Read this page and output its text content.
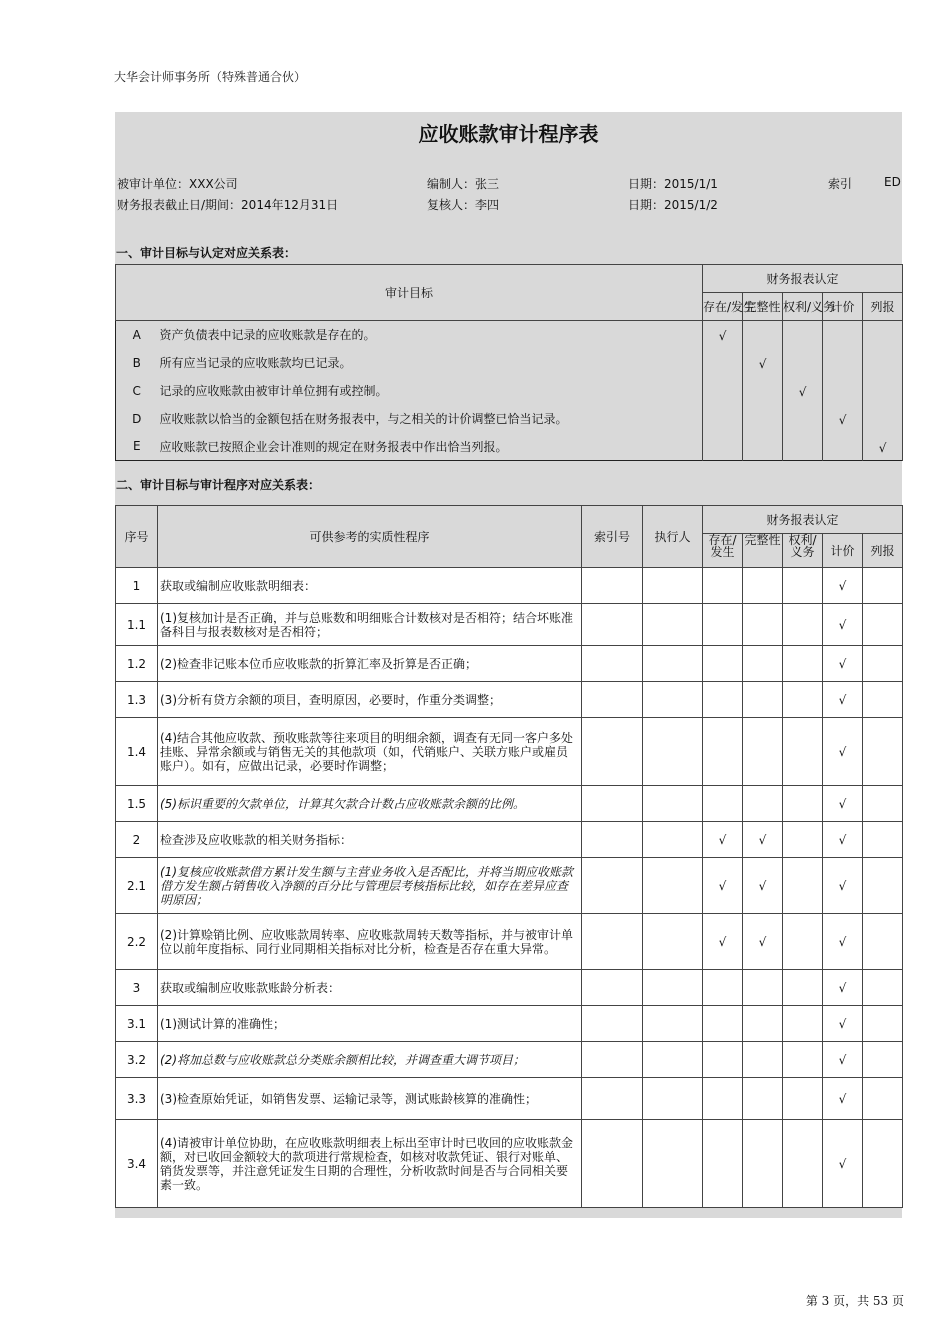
大华会计师事务所（特殊普通合伙）
应收账款审计程序表
被审计单位：XXX公司	编制人：张三	日期：2015/1/1	索引	ED
财务报表截止日/期间：2014年12月31日	复核人：李四	日期：2015/1/2
一、审计目标与认定对应关系表：
审计目标		财务报表认定				
		存在/发生	完整性	权利/义务	计价	列报
A	资产负债表中记录的应收账款是存在的。	√				
B	所有应当记录的应收账款均已记录。		√			
C	记录的应收账款由被审计单位拥有或控制。			√		
D	应收账款以恰当的金额包括在财务报表中，与之相关的计价调整已恰当记录。				√	
E	应收账款已按照企业会计准则的规定在财务报表中作出恰当列报。					√
二、审计目标与审计程序对应关系表：
序号	可供参考的实质性程序	索引号	执行人	财务报表认定				
				存在/发生	完整性	权利/义务	计价	列报
1	获取或编制应收账款明细表：						√	
1.1	(1)复核加计是否正确，并与总账数和明细账合计数核对是否相符；结合坏账准备科目与报表数核对是否相符；						√	
1.2	(2)检查非记账本位币应收账款的折算汇率及折算是否正确；						√	
1.3	(3)分析有贷方余额的项目，查明原因，必要时，作重分类调整；						√	
1.4	(4)结合其他应收款、预收账款等往来项目的明细余额，调查有无同一客户多处挂账、异常余额或与销售无关的其他款项（如，代销账户、关联方账户或雇员账户）。如有，应做出记录，必要时作调整；						√	
1.5	(5)标识重要的欠款单位，计算其欠款合计数占应收账款余额的比例。						√	
2	检查涉及应收账款的相关财务指标：			√	√		√	
2.1	(1)复核应收账款借方累计发生额与主营业务收入是否配比，并将当期应收账款借方发生额占销售收入净额的百分比与管理层考核指标比较，如存在差异应查明原因；			√	√		√	
2.2	(2)计算赊销比例、应收账款周转率、应收账款周转天数等指标，并与被审计单位以前年度指标、同行业同期相关指标对比分析，检查是否存在重大异常。			√	√		√	
3	获取或编制应收账款账龄分析表：						√	
3.1	(1)测试计算的准确性；						√	
3.2	(2)将加总数与应收账款总分类账余额相比较，并调查重大调节项目；						√	
3.3	(3)检查原始凭证，如销售发票、运输记录等，测试账龄核算的准确性；						√	
3.4	(4)请被审计单位协助，在应收账款明细表上标出至审计时已收回的应收账款金额，对已收回金额较大的款项进行常规检查，如核对收款凭证、银行对账单、销货发票等，并注意凭证发生日期的合理性，分析收款时间是否与合同相关要素一致。						√	
第 3 页，共 53 页
